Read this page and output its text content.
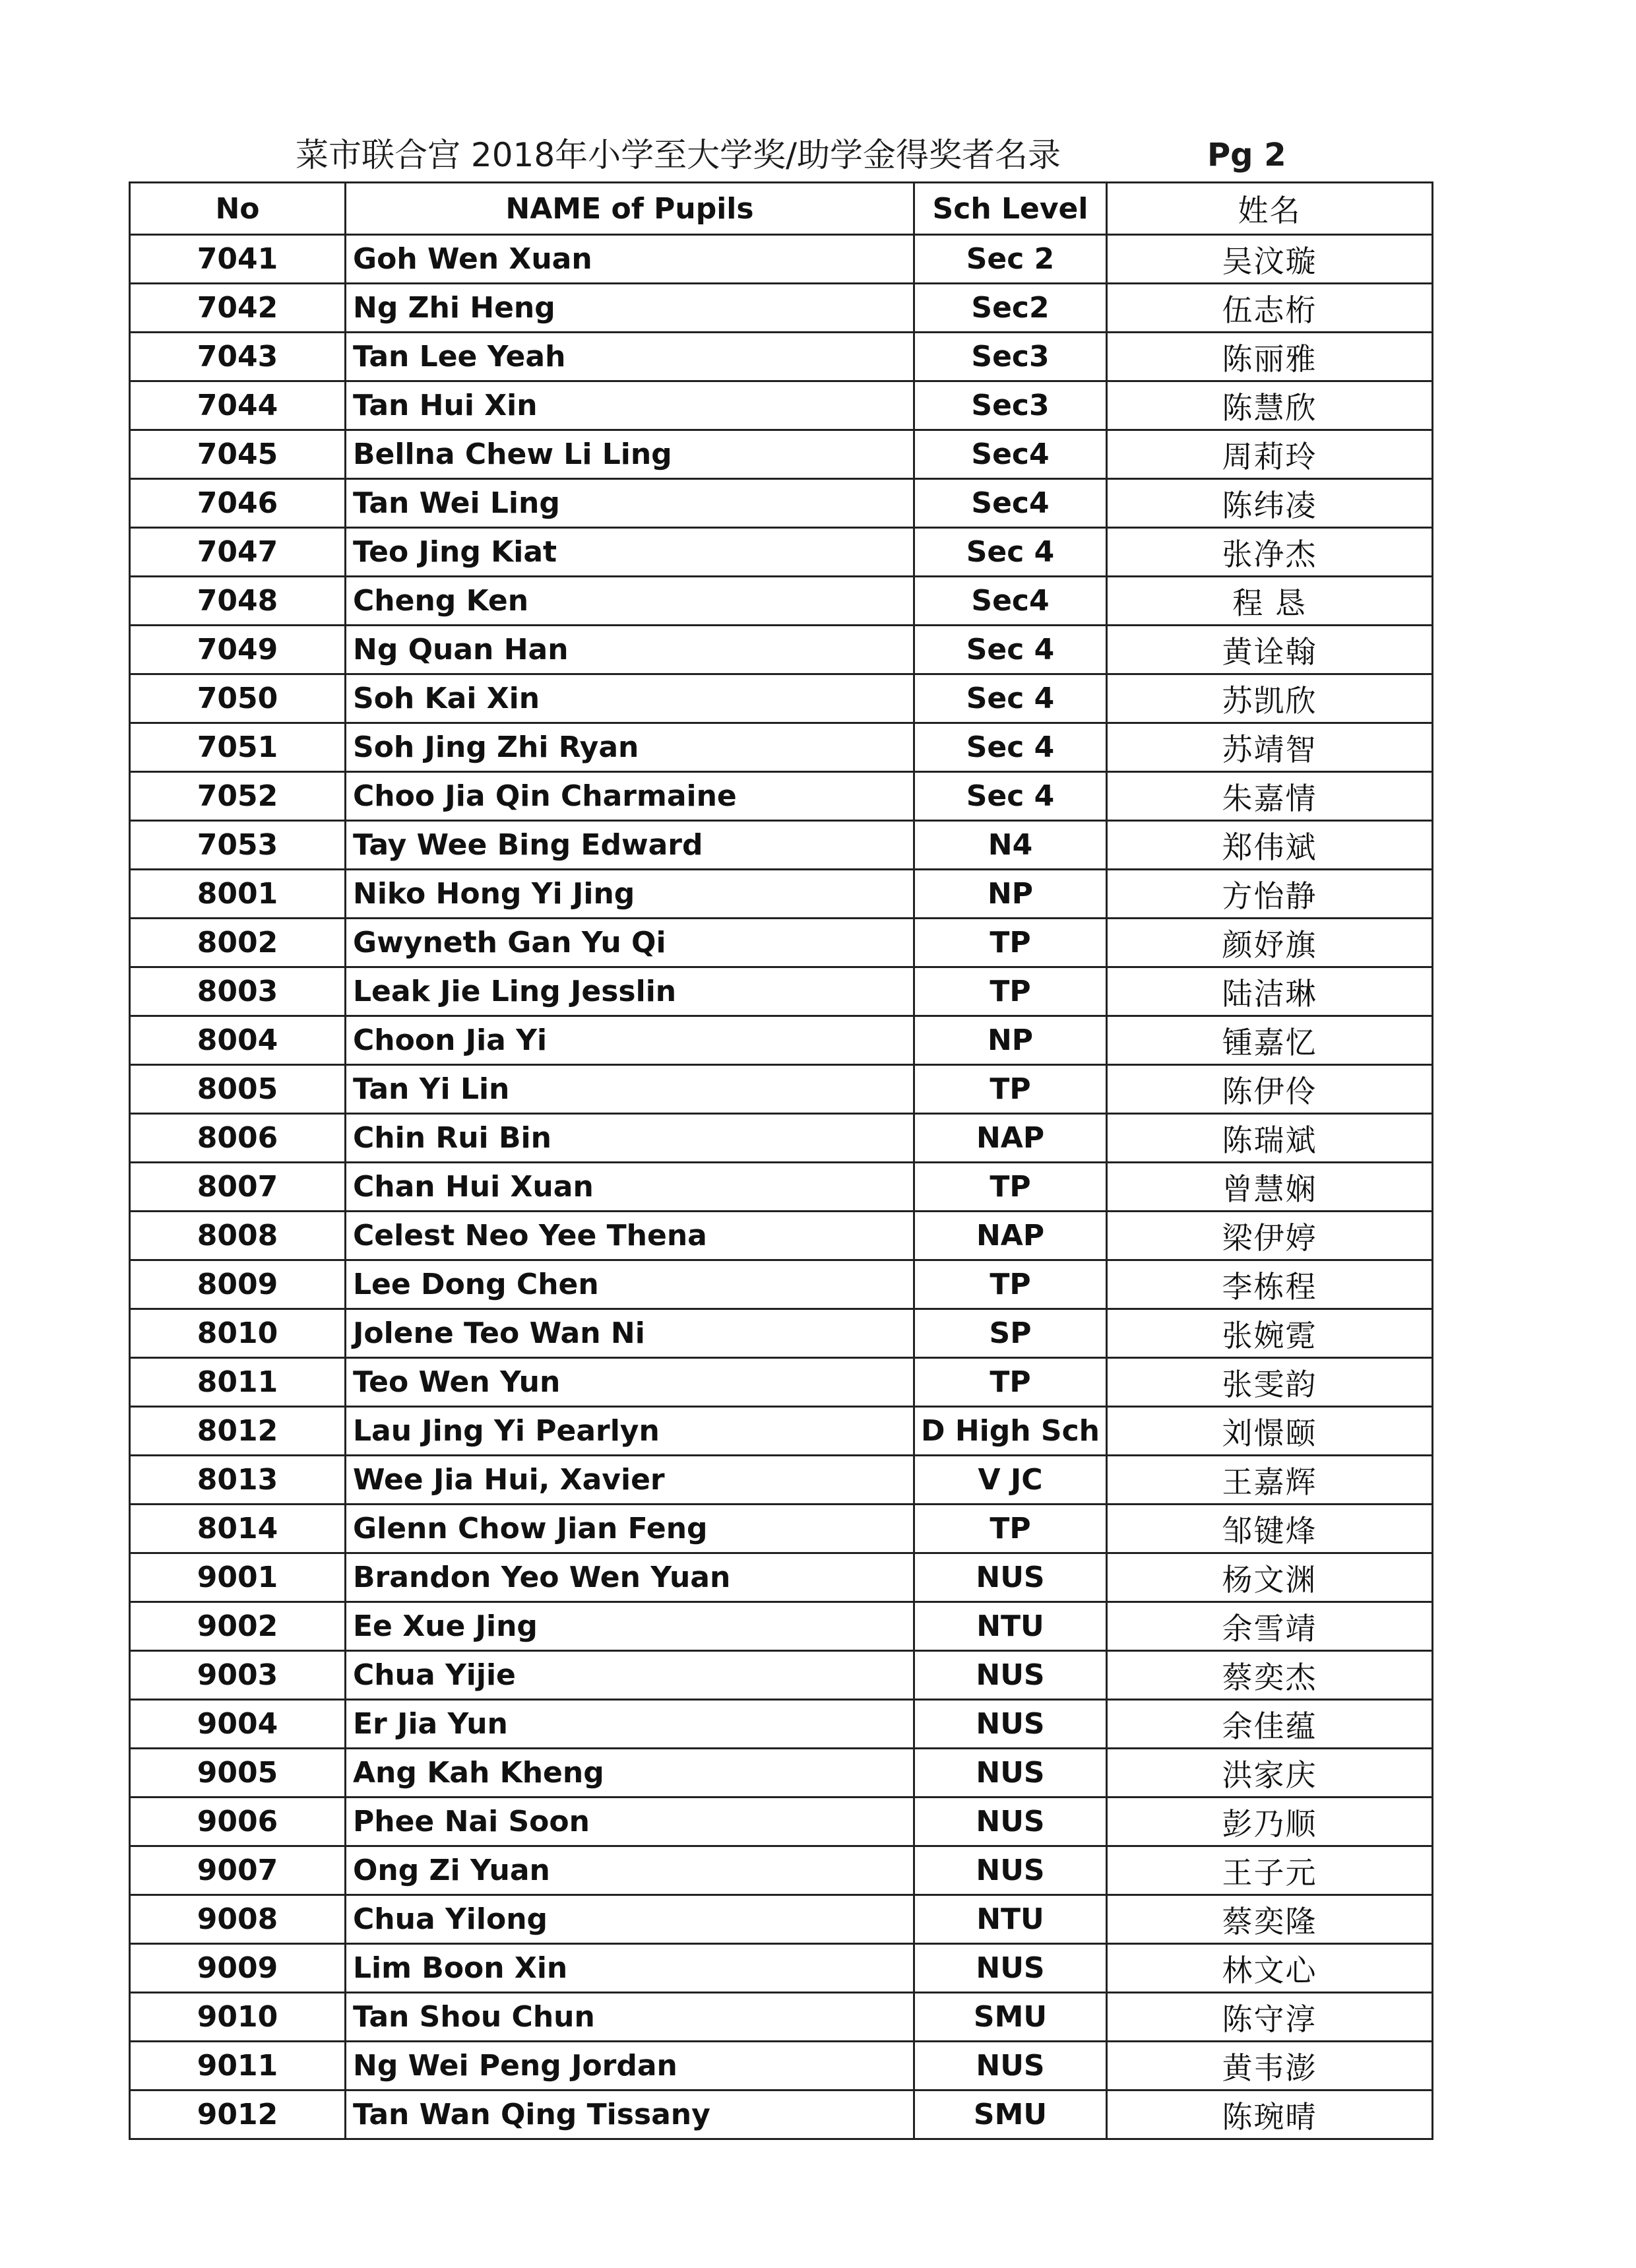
菜市联合宫 2018年小学至大学奖/助学金得奖者名录	Pg 2
No	NAME of Pupils	Sch Level	姓名
7041	Goh Wen Xuan	Sec 2	吴汶璇
7042	Ng Zhi Heng	Sec2	伍志桁
7043	Tan Lee Yeah	Sec3	陈丽雅
7044	Tan Hui Xin	Sec3	陈慧欣
7045	Bellna Chew Li Ling	Sec4	周莉玲
7046	Tan Wei Ling	Sec4	陈纬凌
7047	Teo Jing Kiat	Sec 4	张净杰
7048	Cheng Ken	Sec4	程 恳
7049	Ng Quan Han	Sec 4	黄诠翰
7050	Soh Kai Xin	Sec 4	苏凯欣
7051	Soh Jing Zhi Ryan	Sec 4	苏靖智
7052	Choo Jia Qin Charmaine	Sec 4	朱嘉情
7053	Tay Wee Bing Edward	N4	郑伟斌
8001	Niko Hong Yi Jing	NP	方怡静
8002	Gwyneth Gan Yu Qi	TP	颜妤旗
8003	Leak Jie Ling Jesslin	TP	陆洁琳
8004	Choon Jia Yi	NP	锺嘉忆
8005	Tan Yi Lin	TP	陈伊伶
8006	Chin Rui Bin	NAP	陈瑞斌
8007	Chan Hui Xuan	TP	曾慧娴
8008	Celest Neo Yee Thena	NAP	梁伊婷
8009	Lee Dong Chen	TP	李栋程
8010	Jolene Teo Wan Ni	SP	张婉霓
8011	Teo Wen Yun	TP	张雯韵
8012	Lau Jing Yi Pearlyn	D High Sch	刘憬颐
8013	Wee Jia Hui, Xavier	V JC	王嘉辉
8014	Glenn Chow Jian Feng	TP	邹键烽
9001	Brandon Yeo Wen Yuan	NUS	杨文渊
9002	Ee Xue Jing	NTU	余雪靖
9003	Chua Yijie	NUS	蔡奕杰
9004	Er Jia Yun	NUS	余佳蕴
9005	Ang Kah Kheng	NUS	洪家庆
9006	Phee Nai Soon	NUS	彭乃顺
9007	Ong Zi Yuan	NUS	王子元
9008	Chua Yilong	NTU	蔡奕隆
9009	Lim Boon Xin	NUS	林文心
9010	Tan Shou Chun	SMU	陈守淳
9011	Ng Wei Peng Jordan	NUS	黄韦澎
9012	Tan Wan Qing Tissany	SMU	陈琬晴
